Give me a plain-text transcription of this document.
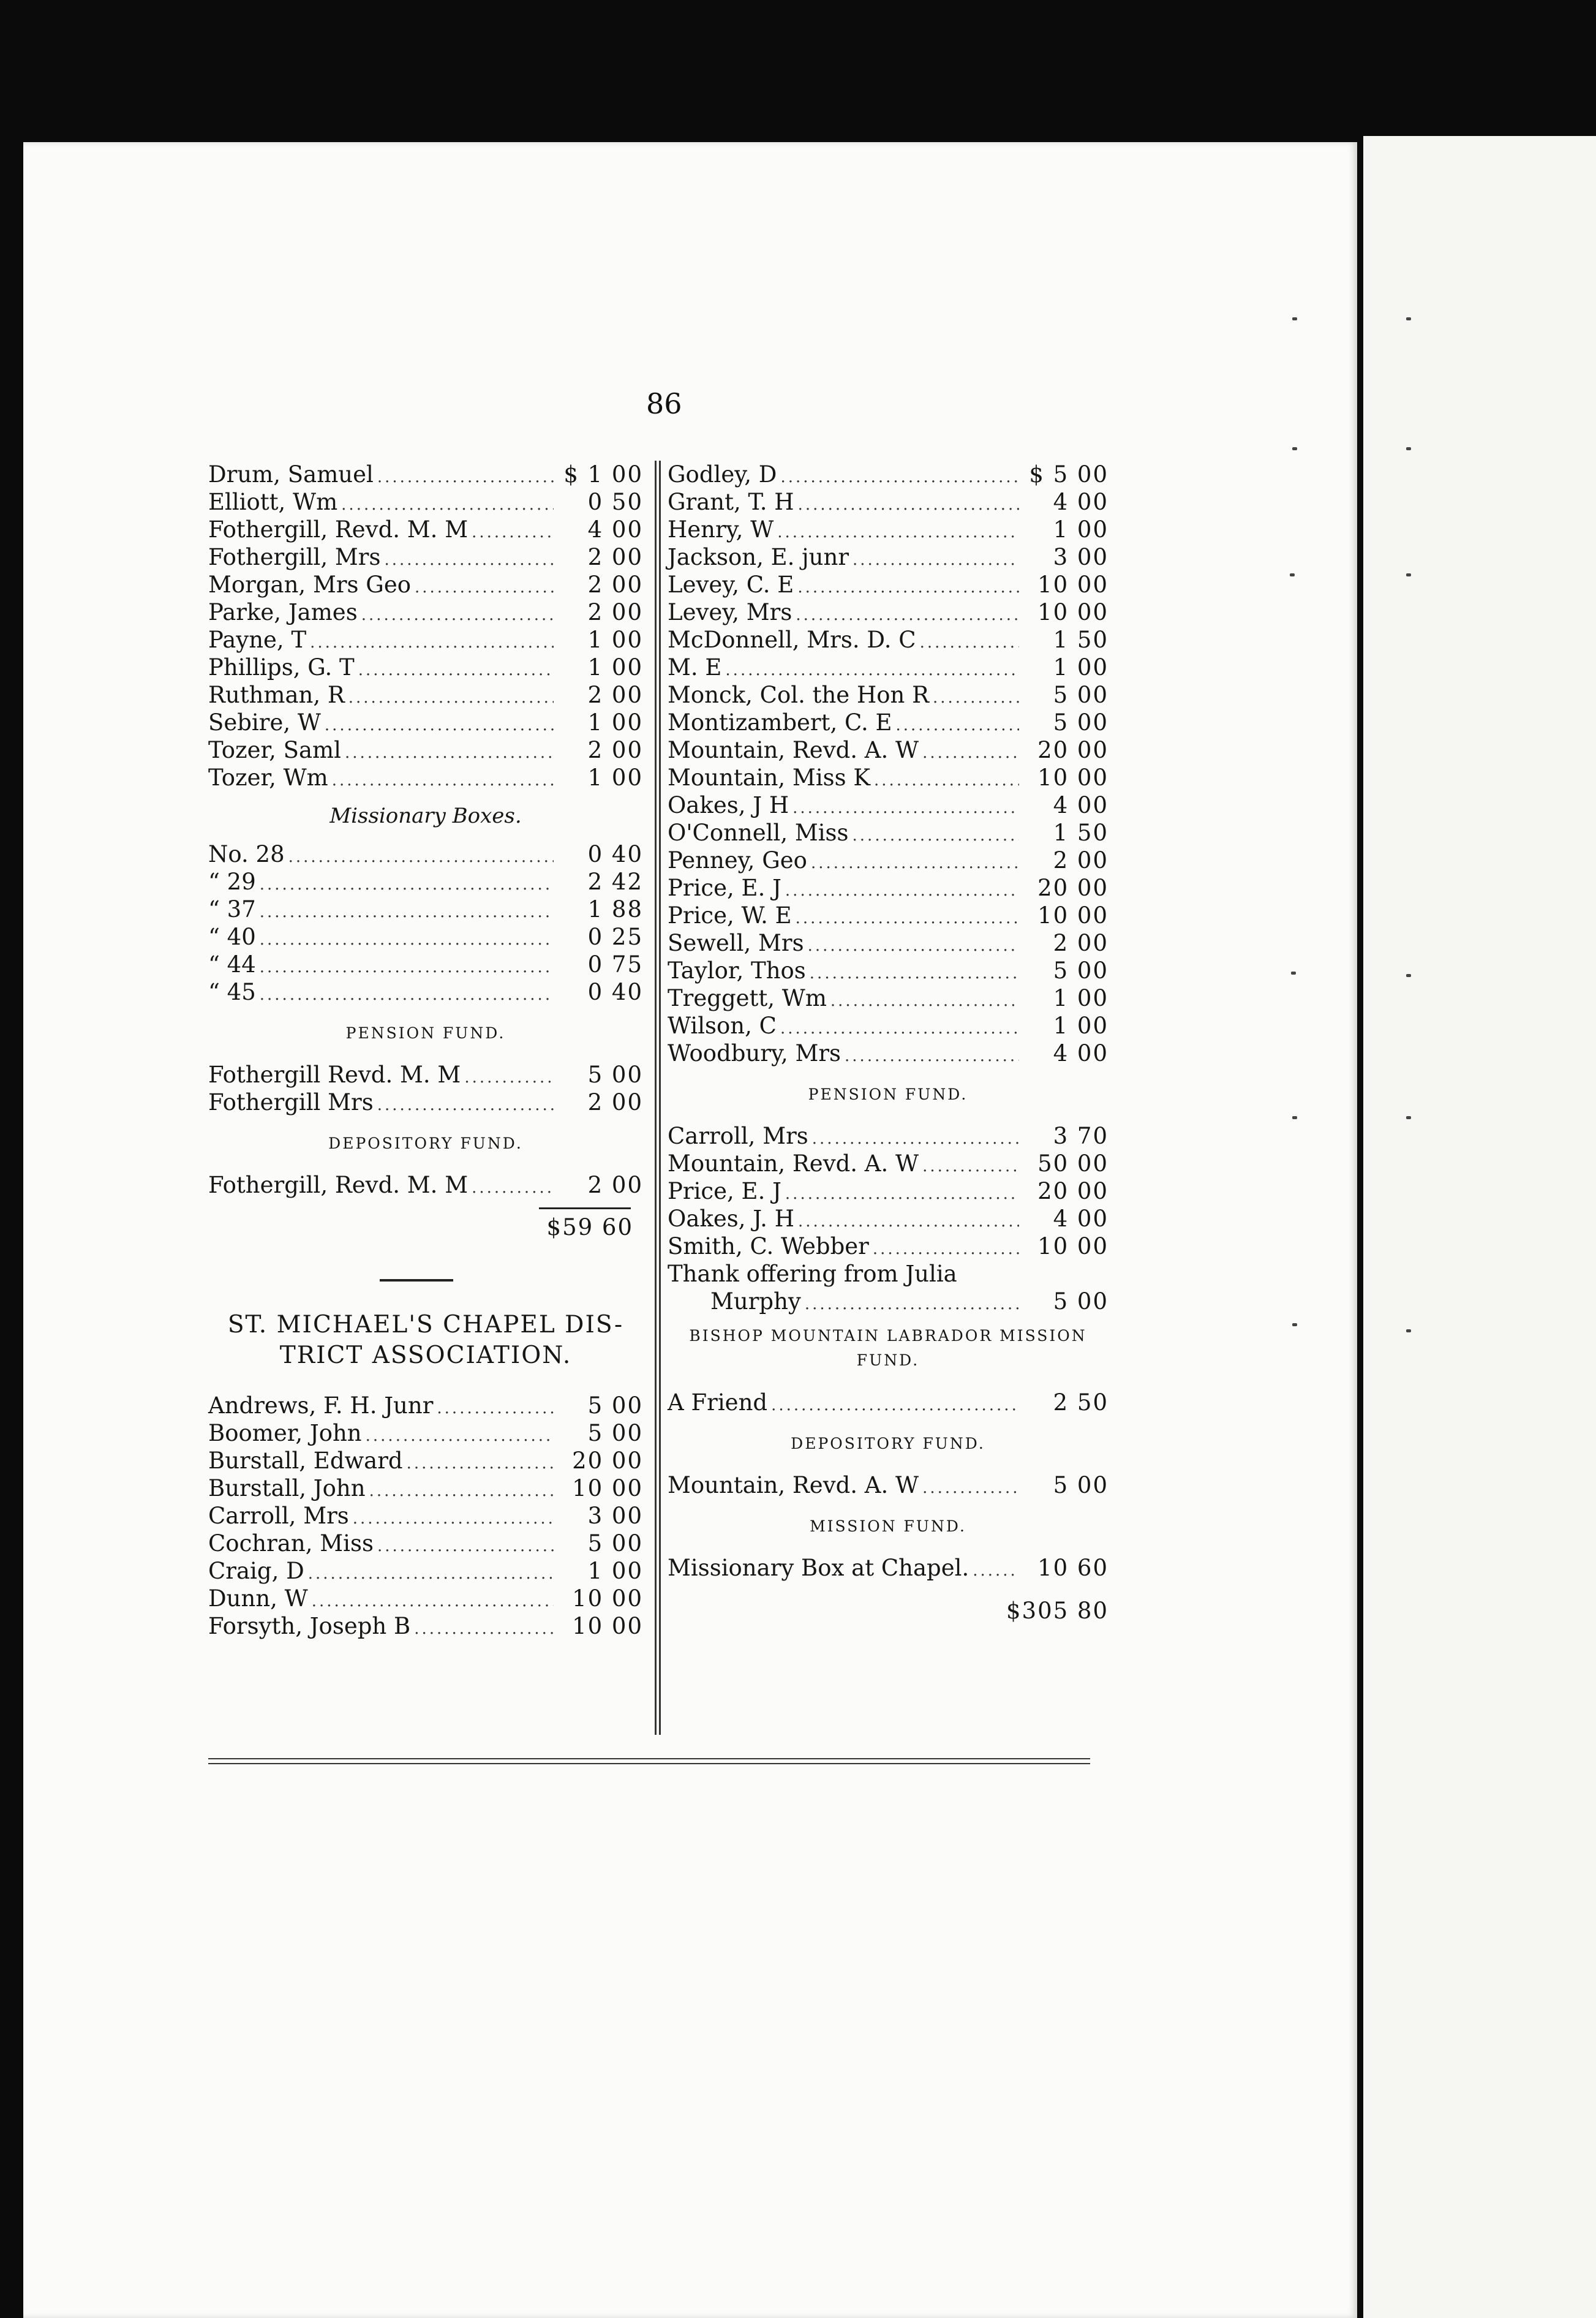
86
Drum, Samuel .....	$ 1 00
Elliott, Wm .....	0 50
Fothergill, Revd. M. M .....	4 00
Fothergill, Mrs .....	2 00
Morgan, Mrs Geo .....	2 00
Parke, James .....	2 00
Payne, T .....	1 00
Phillips, G. T .....	1 00
Ruthman, R .....	2 00
Sebire, W .....	1 00
Tozer, Saml .....	2 00
Tozer, Wm .....	1 00
Missionary Boxes.
No. 28 .....	0 40
“ 29 .....	2 42
“ 37 .....	1 88
“ 40 .....	0 25
“ 44 .....	0 75
“ 45 .....	0 40
PENSION FUND.
Fothergill Revd. M. M .....	5 00
Fothergill Mrs .....	2 00
DEPOSITORY FUND.
Fothergill, Revd. M. M .....	2 00
$59 60
ST. MICHAEL'S CHAPEL DIS-
TRICT ASSOCIATION.
Andrews, F. H. Junr .....	5 00
Boomer, John .....	5 00
Burstall, Edward .....	20 00
Burstall, John .....	10 00
Carroll, Mrs .....	3 00
Cochran, Miss .....	5 00
Craig, D .....	1 00
Dunn, W .....	10 00
Forsyth, Joseph B .....	10 00
Godley, D .....	$ 5 00
Grant, T. H .....	4 00
Henry, W .....	1 00
Jackson, E. junr .....	3 00
Levey, C. E .....	10 00
Levey, Mrs .....	10 00
McDonnell, Mrs. D. C .....	1 50
M. E .....	1 00
Monck, Col. the Hon R .....	5 00
Montizambert, C. E .....	5 00
Mountain, Revd. A. W .....	20 00
Mountain, Miss K .....	10 00
Oakes, J H .....	4 00
O'Connell, Miss .....	1 50
Penney, Geo .....	2 00
Price, E. J .....	20 00
Price, W. E .....	10 00
Sewell, Mrs .....	2 00
Taylor, Thos .....	5 00
Treggett, Wm .....	1 00
Wilson, C .....	1 00
Woodbury, Mrs .....	4 00
PENSION FUND.
Carroll, Mrs .....	3 70
Mountain, Revd. A. W .....	50 00
Price, E. J .....	20 00
Oakes, J. H .....	4 00
Smith, C. Webber .....	10 00
Thank offering from Julia
Murphy .....	5 00
BISHOP MOUNTAIN LABRADOR MISSION
FUND.
A Friend .....	2 50
DEPOSITORY FUND.
Mountain, Revd. A. W .....	5 00
MISSION FUND.
Missionary Box at Chapel. .....	10 60
$305 80
